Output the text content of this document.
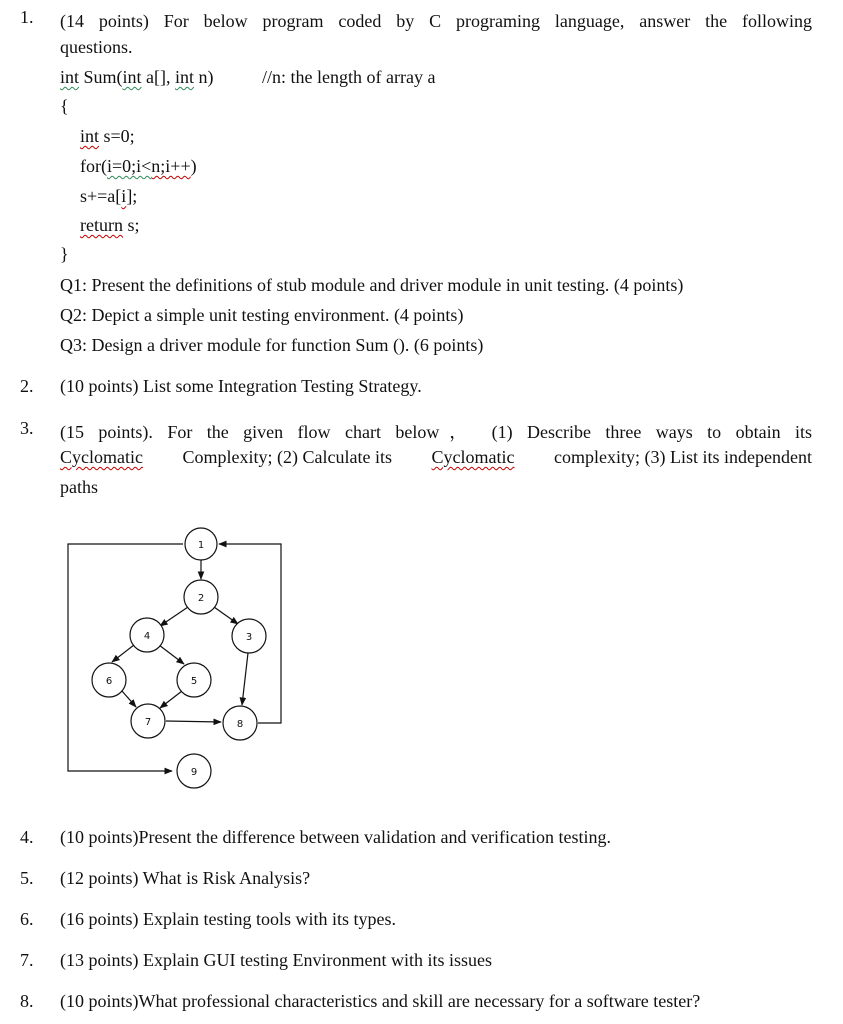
1. (14 points) For below program coded by C programing language, answer the following
questions.
int Sum(int a[], int n)	//n: the length of array a
{
int s=0;
for(i=0;i<n;i++)
s+=a[i];
return s;
}
Q1: Present the definitions of stub module and driver module in unit testing. (4 points)
Q2: Depict a simple unit testing environment. (4 points)
Q3: Design a driver module for function Sum (). (6 points)
2. (10 points) List some Integration Testing Strategy.
3. (15 points). For the given flow chart below， (1) Describe three ways to obtain its
Cyclomatic Complexity; (2) Calculate its Cyclomatic complexity; (3) List its independent
paths
1
2
3
4
5
6
7	8
9
4. (10 points)Present the difference between validation and verification testing.
5. (12 points) What is Risk Analysis?
6. (16 points) Explain testing tools with its types.
7. (13 points) Explain GUI testing Environment with its issues
8. (10 points)What professional characteristics and skill are necessary for a software tester?
